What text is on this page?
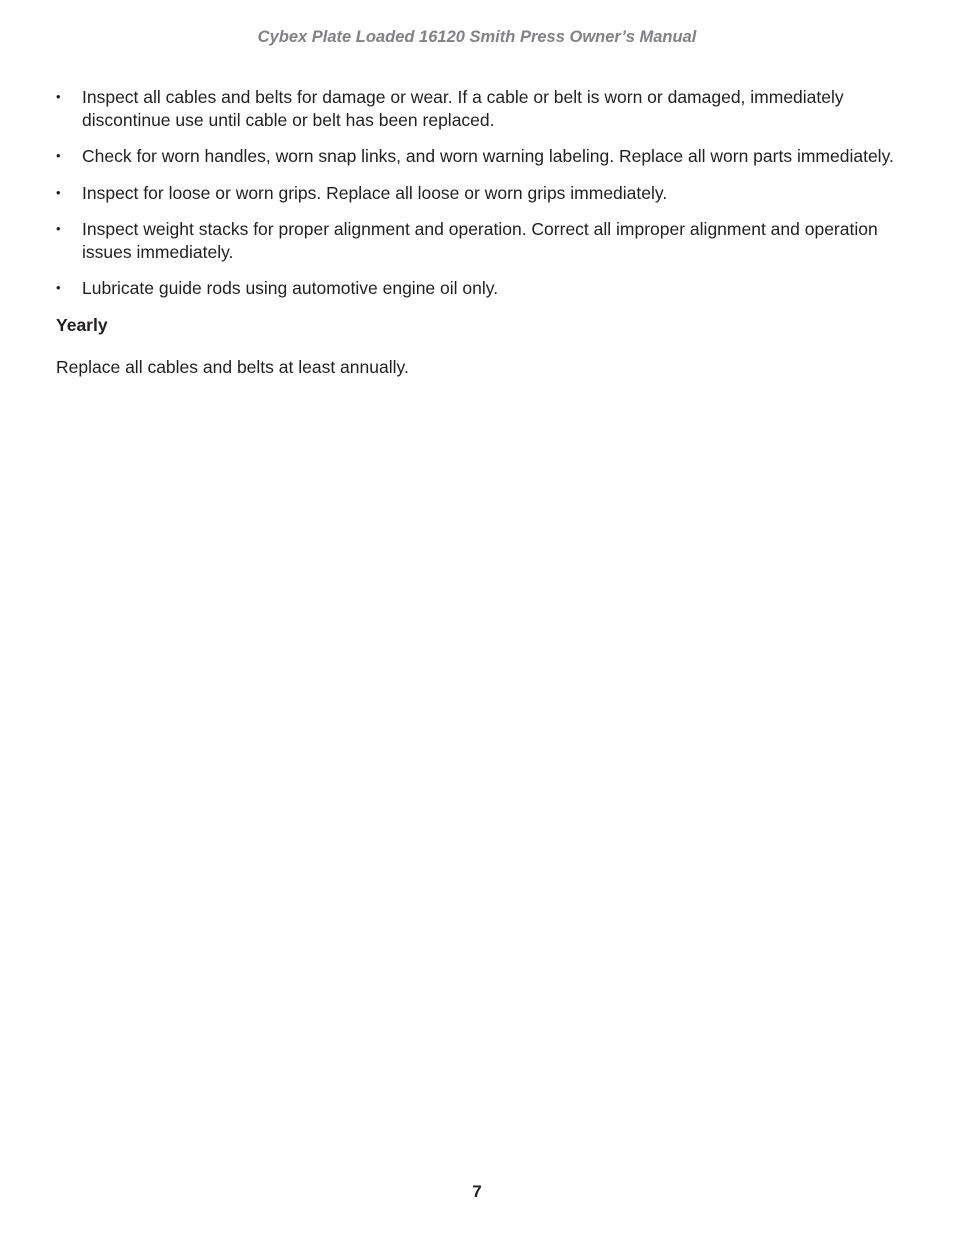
Cybex Plate Loaded 16120 Smith Press Owner’s Manual
• Inspect all cables and belts for damage or wear. If a cable or belt is worn or damaged, immediately discontinue use until cable or belt has been replaced.
• Check for worn handles, worn snap links, and worn warning labeling. Replace all worn parts immediately.
• Inspect for loose or worn grips. Replace all loose or worn grips immediately.
• Inspect weight stacks for proper alignment and operation. Correct all improper alignment and operation issues immediately.
• Lubricate guide rods using automotive engine oil only.
Yearly

Replace all cables and belts at least annually.

7
